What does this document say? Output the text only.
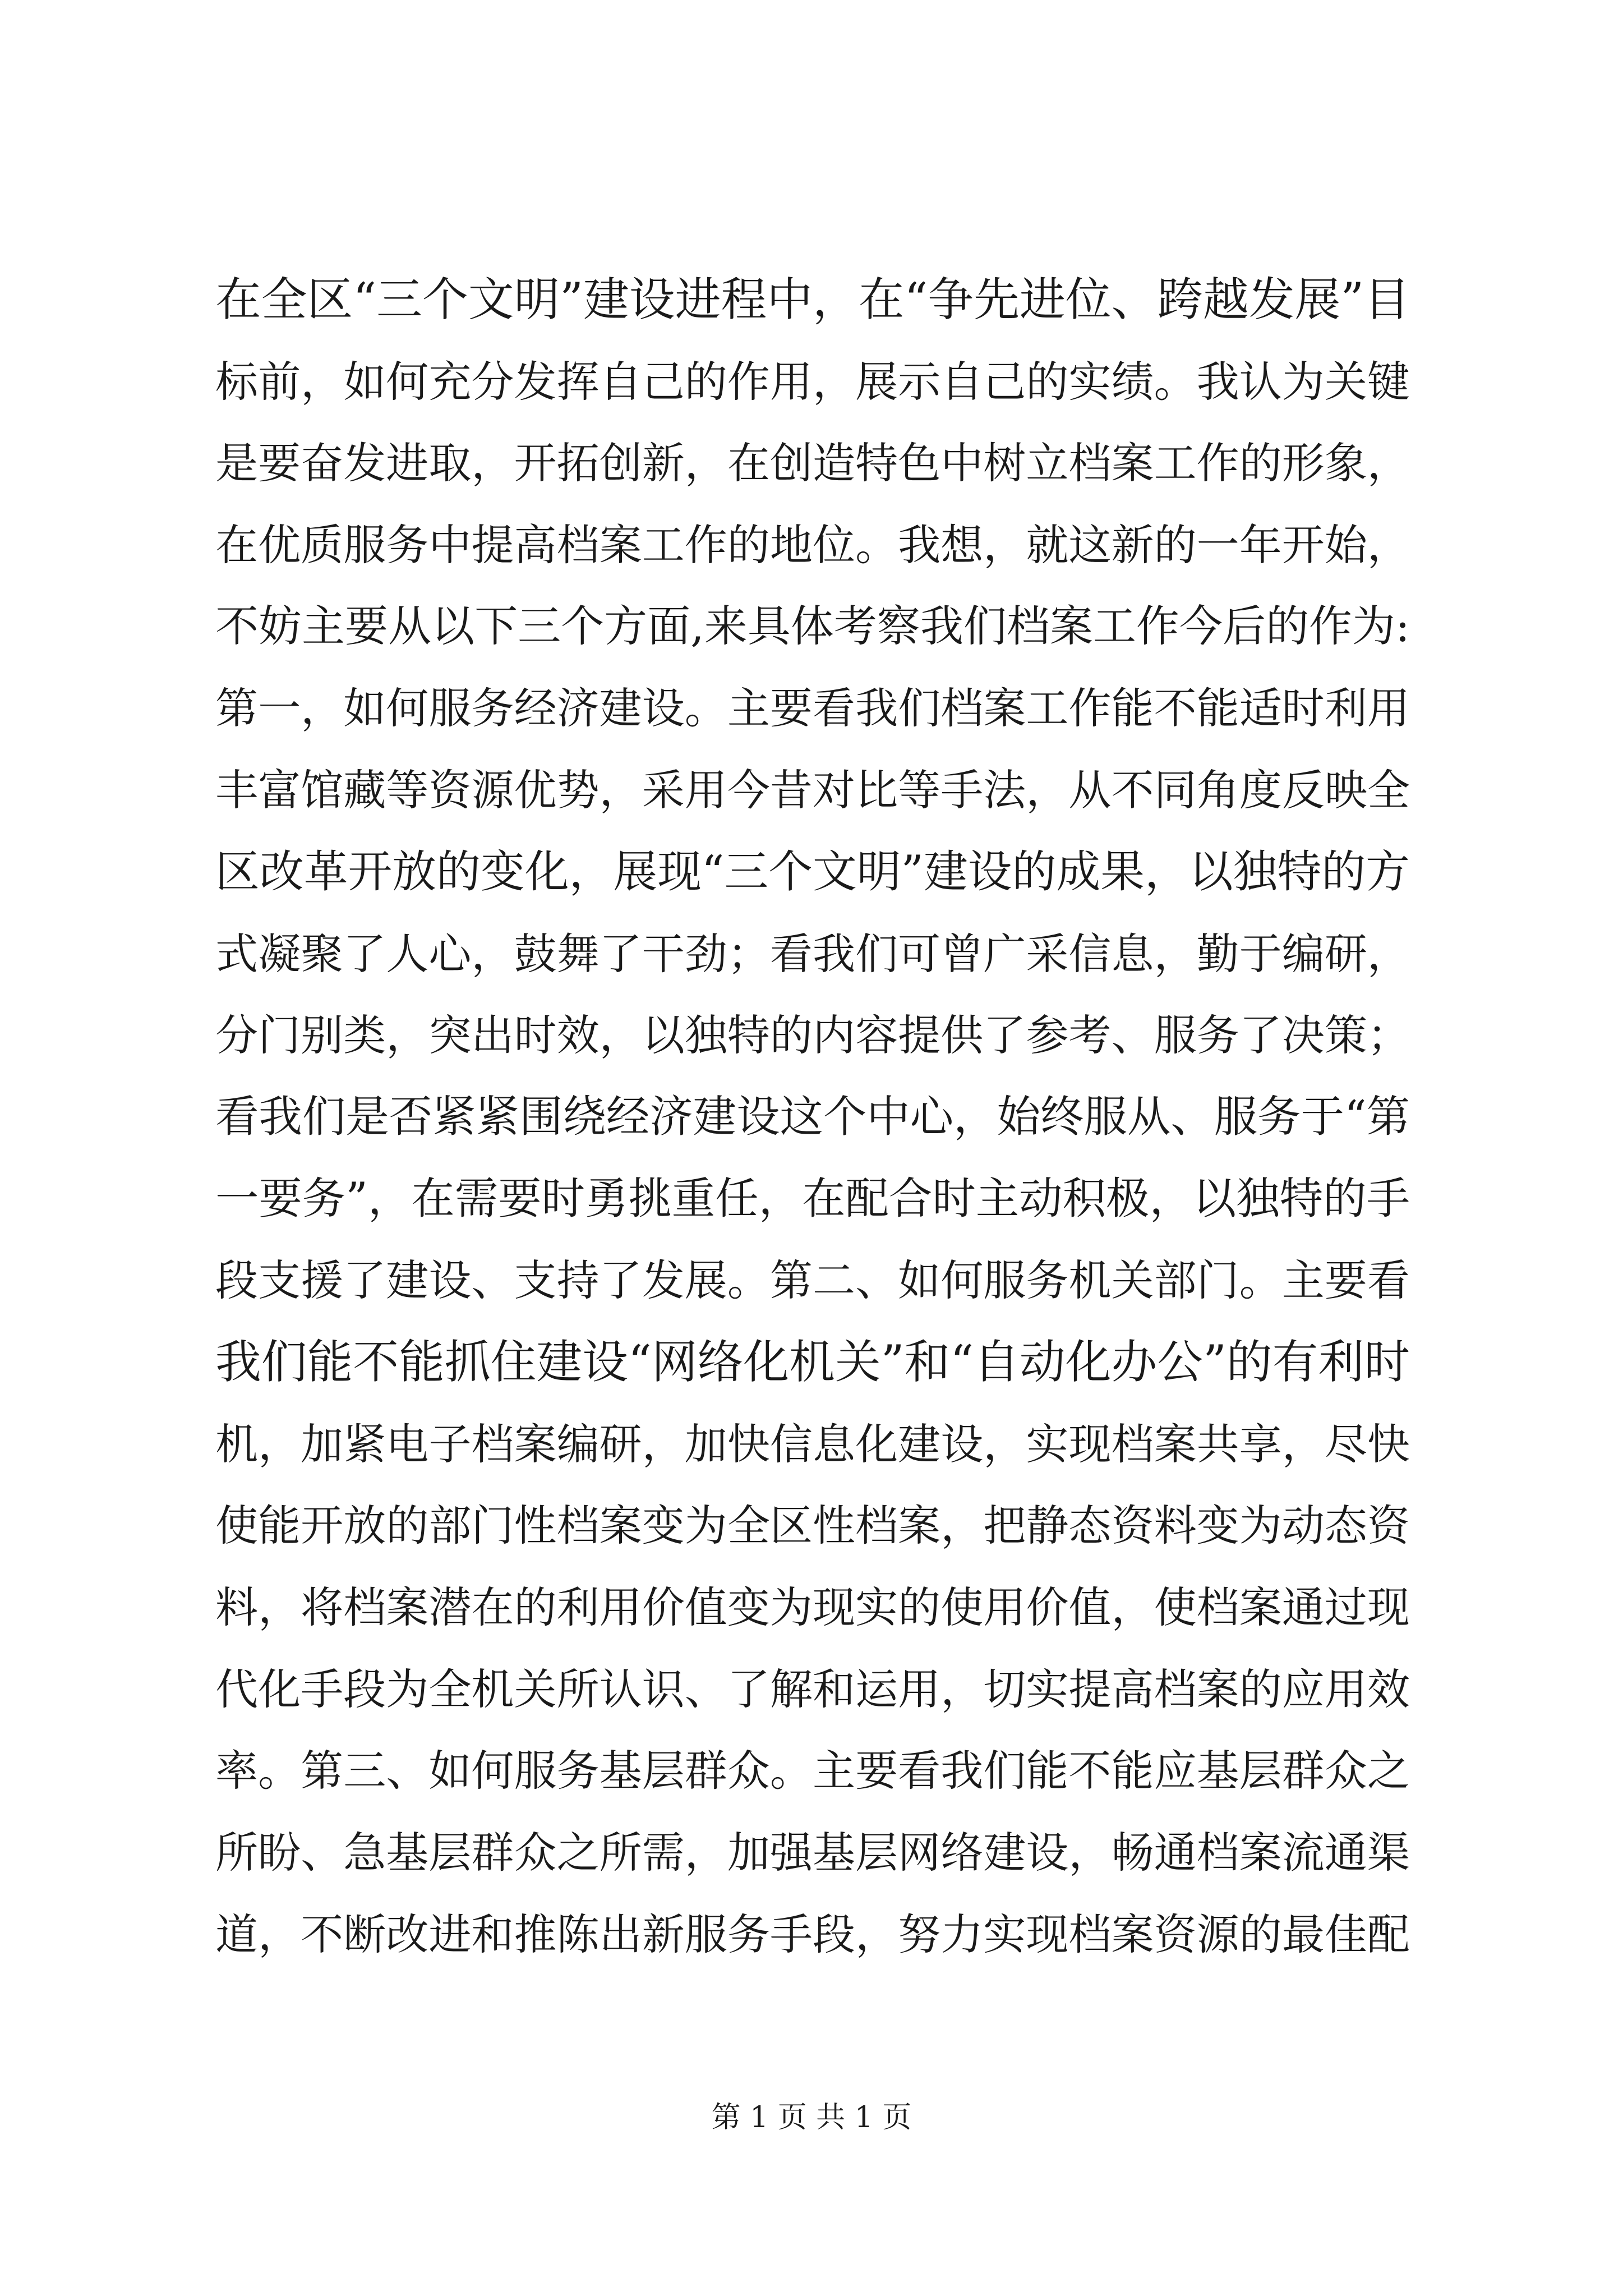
在全区“三个文明”建设进程中，在“争先进位、跨越发展”目
标前，如何充分发挥自己的作用，展示自己的实绩。我认为关键
是要奋发进取，开拓创新，在创造特色中树立档案工作的形象，
在优质服务中提高档案工作的地位。我想，就这新的一年开始，
不妨主要从以下三个方面,来具体考察我们档案工作今后的作为:
第一，如何服务经济建设。主要看我们档案工作能不能适时利用
丰富馆藏等资源优势，采用今昔对比等手法，从不同角度反映全
区改革开放的变化，展现“三个文明”建设的成果，以独特的方
式凝聚了人心，鼓舞了干劲；看我们可曾广采信息，勤于编研，
分门别类，突出时效，以独特的内容提供了参考、服务了决策；
看我们是否紧紧围绕经济建设这个中心，始终服从、服务于“第
一要务”，在需要时勇挑重任，在配合时主动积极，以独特的手
段支援了建设、支持了发展。第二、如何服务机关部门。主要看
我们能不能抓住建设“网络化机关”和“自动化办公”的有利时
机，加紧电子档案编研，加快信息化建设，实现档案共享，尽快
使能开放的部门性档案变为全区性档案，把静态资料变为动态资
料，将档案潜在的利用价值变为现实的使用价值，使档案通过现
代化手段为全机关所认识、了解和运用，切实提高档案的应用效
率。第三、如何服务基层群众。主要看我们能不能应基层群众之
所盼、急基层群众之所需，加强基层网络建设，畅通档案流通渠
道，不断改进和推陈出新服务手段，努力实现档案资源的最佳配
第 1 页 共 1 页
